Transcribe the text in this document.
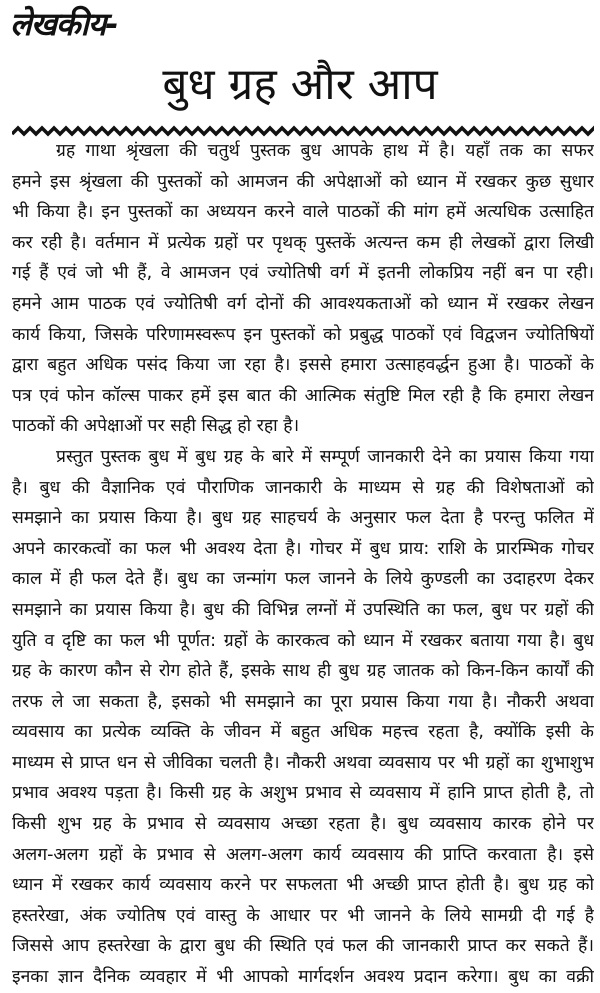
लेखकीय-
बुध ग्रह और आप
ग्रह गाथा श्रृंखला की चतुर्थ पुस्तक बुध आपके हाथ में है। यहाँ तक का सफर
हमने इस श्रृंखला की पुस्तकों को आमजन की अपेक्षाओं को ध्यान में रखकर कुछ सुधार
भी किया है। इन पुस्तकों का अध्ययन करने वाले पाठकों की मांग हमें अत्यधिक उत्साहित
कर रही है। वर्तमान में प्रत्येक ग्रहों पर पृथक् पुस्तकें अत्यन्त कम ही लेखकों द्वारा लिखी
गई हैं एवं जो भी हैं, वे आमजन एवं ज्योतिषी वर्ग में इतनी लोकप्रिय नहीं बन पा रही।
हमने आम पाठक एवं ज्योतिषी वर्ग दोनों की आवश्यकताओं को ध्यान में रखकर लेखन
कार्य किया, जिसके परिणामस्वरूप इन पुस्तकों को प्रबुद्ध पाठकों एवं विद्वजन ज्योतिषियों
द्वारा बहुत अधिक पसंद किया जा रहा है। इससे हमारा उत्साहवर्द्धन हुआ है। पाठकों के
पत्र एवं फोन कॉल्स पाकर हमें इस बात की आत्मिक संतुष्टि मिल रही है कि हमारा लेखन
पाठकों की अपेक्षाओं पर सही सिद्ध हो रहा है।
प्रस्तुत पुस्तक बुध में बुध ग्रह के बारे में सम्पूर्ण जानकारी देने का प्रयास किया गया
है। बुध की वैज्ञानिक एवं पौराणिक जानकारी के माध्यम से ग्रह की विशेषताओं को
समझाने का प्रयास किया है। बुध ग्रह साहचर्य के अनुसार फल देता है परन्तु फलित में
अपने कारकत्वों का फल भी अवश्य देता है। गोचर में बुध प्राय: राशि के प्रारम्भिक गोचर
काल में ही फल देते हैं। बुध का जन्मांग फल जानने के लिये कुण्डली का उदाहरण देकर
समझाने का प्रयास किया है। बुध की विभिन्न लग्नों में उपस्थिति का फल, बुध पर ग्रहों की
युति व दृष्टि का फल भी पूर्णत: ग्रहों के कारकत्व को ध्यान में रखकर बताया गया है। बुध
ग्रह के कारण कौन से रोग होते हैं, इसके साथ ही बुध ग्रह जातक को किन-किन कार्यों की
तरफ ले जा सकता है, इसको भी समझाने का पूरा प्रयास किया गया है। नौकरी अथवा
व्यवसाय का प्रत्येक व्यक्ति के जीवन में बहुत अधिक महत्त्व रहता है, क्योंकि इसी के
माध्यम से प्राप्त धन से जीविका चलती है। नौकरी अथवा व्यवसाय पर भी ग्रहों का शुभाशुभ
प्रभाव अवश्य पड़ता है। किसी ग्रह के अशुभ प्रभाव से व्यवसाय में हानि प्राप्त होती है, तो
किसी शुभ ग्रह के प्रभाव से व्यवसाय अच्छा रहता है। बुध व्यवसाय कारक होने पर
अलग-अलग ग्रहों के प्रभाव से अलग-अलग कार्य व्यवसाय की प्राप्ति करवाता है। इसे
ध्यान में रखकर कार्य व्यवसाय करने पर सफलता भी अच्छी प्राप्त होती है। बुध ग्रह को
हस्तरेखा, अंक ज्योतिष एवं वास्तु के आधार पर भी जानने के लिये सामग्री दी गई है
जिससे आप हस्तरेखा के द्वारा बुध की स्थिति एवं फल की जानकारी प्राप्त कर सकते हैं।
इनका ज्ञान दैनिक व्यवहार में भी आपको मार्गदर्शन अवश्य प्रदान करेगा। बुध का वक्री
